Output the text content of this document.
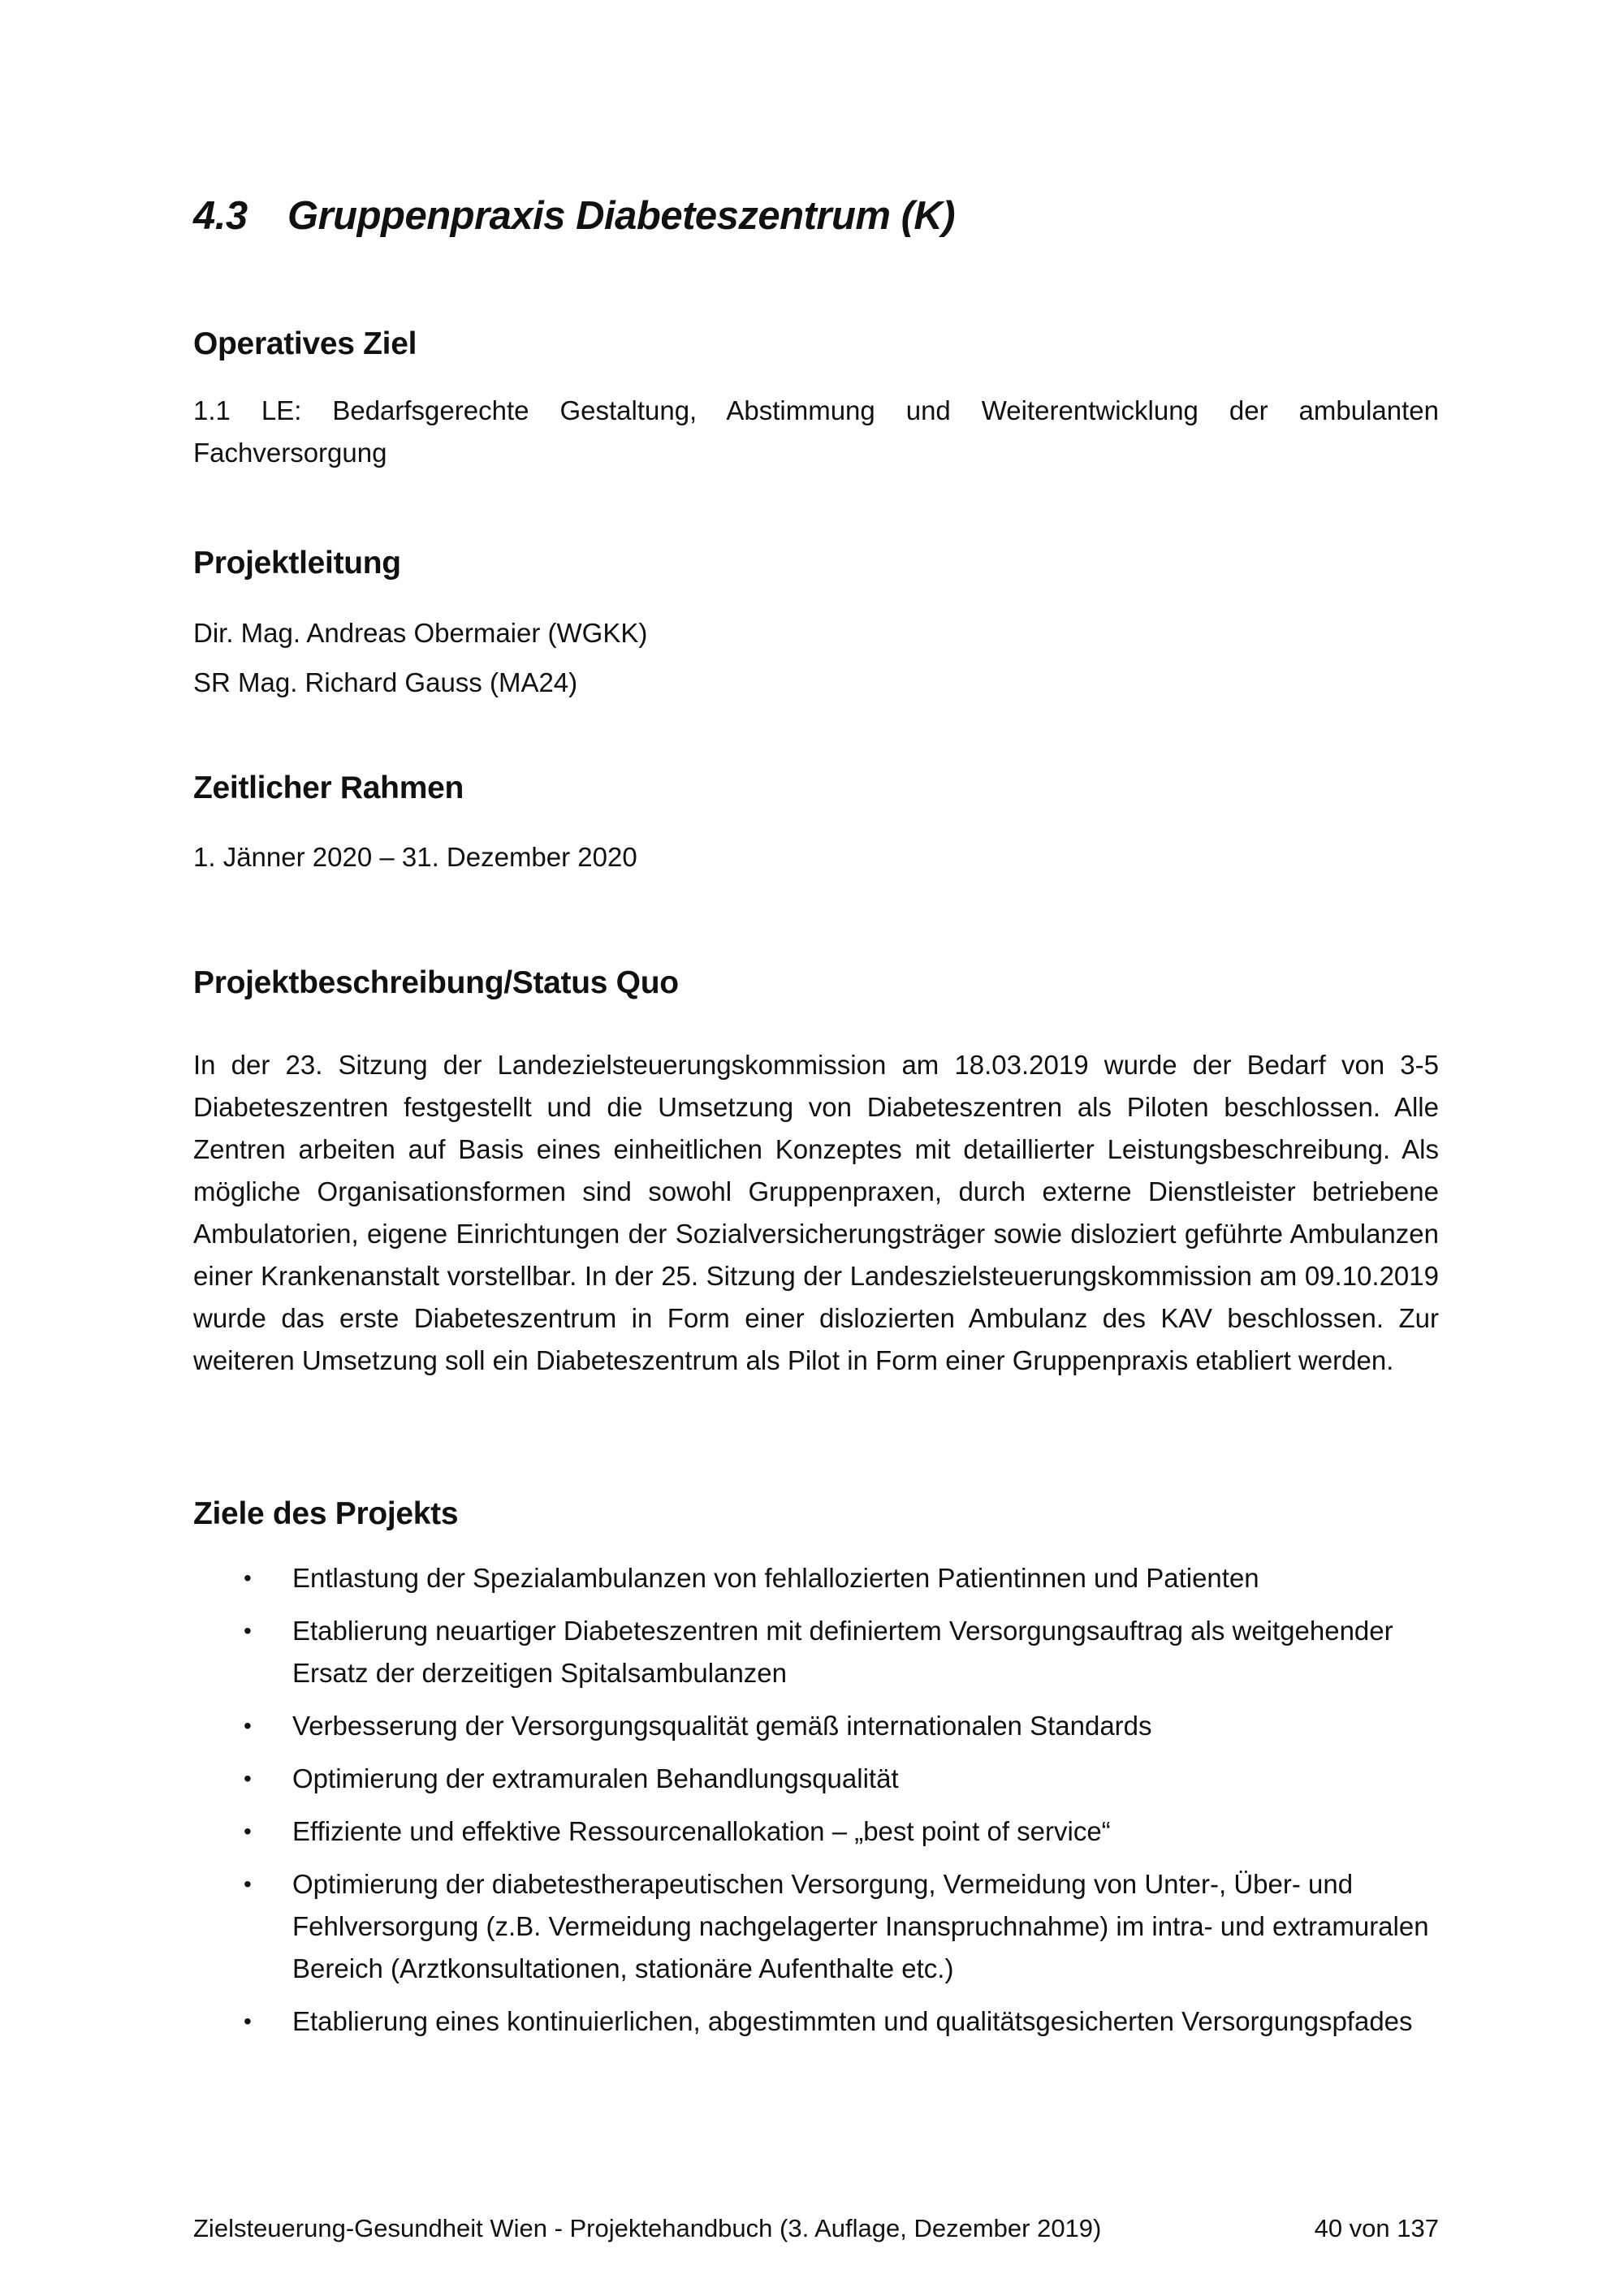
4.3 Gruppenpraxis Diabeteszentrum (K)
Operatives Ziel

1.1 LE: Bedarfsgerechte Gestaltung, Abstimmung und Weiterentwicklung der ambulanten Fachversorgung

Projektleitung

Dir. Mag. Andreas Obermaier (WGKK)

SR Mag. Richard Gauss (MA24)

Zeitlicher Rahmen

1. Jänner 2020 – 31. Dezember 2020

Projektbeschreibung/Status Quo

In der 23. Sitzung der Landezielsteuerungskommission am 18.03.2019 wurde der Bedarf von 3-5 Diabeteszentren festgestellt und die Umsetzung von Diabeteszentren als Piloten beschlossen. Alle Zentren arbeiten auf Basis eines einheitlichen Konzeptes mit detaillierter Leistungsbeschreibung. Als mögliche Organisationsformen sind sowohl Gruppenpraxen, durch externe Dienstleister betriebene Ambulatorien, eigene Einrichtungen der Sozialversicherungsträger sowie disloziert geführte Ambulanzen einer Krankenanstalt vorstellbar. In der 25. Sitzung der Landeszielsteuerungskommission am 09.10.2019 wurde das erste Diabeteszentrum in Form einer dislozierten Ambulanz des KAV beschlossen. Zur weiteren Umsetzung soll ein Diabeteszentrum als Pilot in Form einer Gruppenpraxis etabliert werden.

Ziele des Projekts
• Entlastung der Spezialambulanzen von fehlallozierten Patientinnen und Patienten
• Etablierung neuartiger Diabeteszentren mit definiertem Versorgungsauftrag als weitgehender Ersatz der derzeitigen Spitalsambulanzen
• Verbesserung der Versorgungsqualität gemäß internationalen Standards
• Optimierung der extramuralen Behandlungsqualität
• Effiziente und effektive Ressourcenallokation – „best point of service“
• Optimierung der diabetestherapeutischen Versorgung, Vermeidung von Unter-, Über- und Fehlversorgung (z.B. Vermeidung nachgelagerter Inanspruchnahme) im intra- und extramuralen Bereich (Arztkonsultationen, stationäre Aufenthalte etc.)
• Etablierung eines kontinuierlichen, abgestimmten und qualitätsgesicherten Versorgungspfades
Zielsteuerung-Gesundheit Wien - Projektehandbuch (3. Auflage, Dezember 2019)	40 von 137
